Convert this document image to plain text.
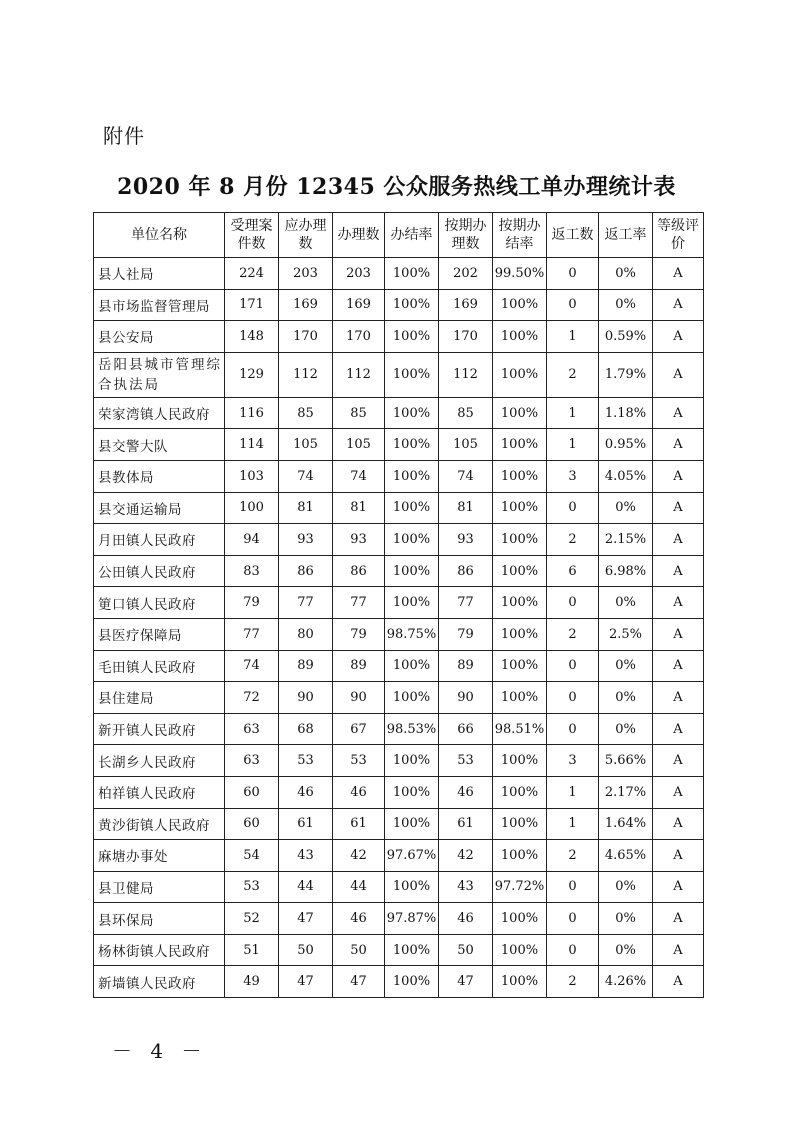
附件
2020 年 8 月份 12345 公众服务热线工单办理统计表
单位名称	受理案件数	应办理数	办理数	办结率	按期办理数	按期办结率	返工数	返工率	等级评价
县人社局	224	203	203	100%	202	99.50%	0	0%	A
县市场监督管理局	171	169	169	100%	169	100%	0	0%	A
县公安局	148	170	170	100%	170	100%	1	0.59%	A
岳阳县城市管理综合执法局	129	112	112	100%	112	100%	2	1.79%	A
荣家湾镇人民政府	116	85	85	100%	85	100%	1	1.18%	A
县交警大队	114	105	105	100%	105	100%	1	0.95%	A
县教体局	103	74	74	100%	74	100%	3	4.05%	A
县交通运输局	100	81	81	100%	81	100%	0	0%	A
月田镇人民政府	94	93	93	100%	93	100%	2	2.15%	A
公田镇人民政府	83	86	86	100%	86	100%	6	6.98%	A
筻口镇人民政府	79	77	77	100%	77	100%	0	0%	A
县医疗保障局	77	80	79	98.75%	79	100%	2	2.5%	A
毛田镇人民政府	74	89	89	100%	89	100%	0	0%	A
县住建局	72	90	90	100%	90	100%	0	0%	A
新开镇人民政府	63	68	67	98.53%	66	98.51%	0	0%	A
长湖乡人民政府	63	53	53	100%	53	100%	3	5.66%	A
柏祥镇人民政府	60	46	46	100%	46	100%	1	2.17%	A
黄沙街镇人民政府	60	61	61	100%	61	100%	1	1.64%	A
麻塘办事处	54	43	42	97.67%	42	100%	2	4.65%	A
县卫健局	53	44	44	100%	43	97.72%	0	0%	A
县环保局	52	47	46	97.87%	46	100%	0	0%	A
杨林街镇人民政府	51	50	50	100%	50	100%	0	0%	A
新墙镇人民政府	49	47	47	100%	47	100%	2	4.26%	A
－ 4 －
